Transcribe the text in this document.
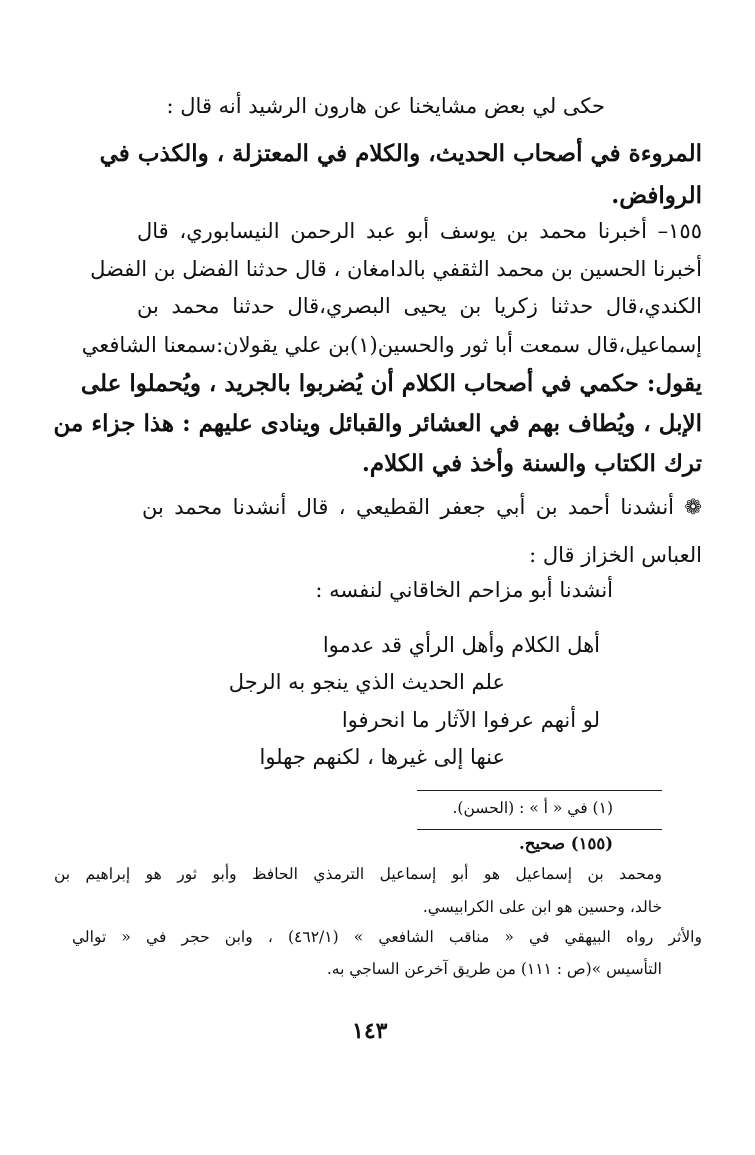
حكى لي بعض مشايخنا عن هارون الرشيد أنه قال :
المروءة في أصحاب الحديث، والكلام في المعتزلة ، والكذب في
الروافض.
١٥٥– أخبرنا محمد بن يوسف أبو عبد الرحمن النيسابوري، قال
أخبرنا الحسين بن محمد الثقفي بالدامغان ، قال حدثنا الفضل بن الفضل
الكندي،قال حدثنا زكريا بن يحيى البصري،قال حدثنا محمد بن
إسماعيل،قال سمعت أبا ثور والحسين(١)بن علي يقولان:سمعنا الشافعي
يقول: حكمي في أصحاب الكلام أن يُضربوا بالجريد ، ويُحملوا على
الإبل ، ويُطاف بهم في العشائر والقبائل وينادى عليهم : هذا جزاء من
ترك الكتاب والسنة وأخذ في الكلام.
❁ أنشدنا أحمد بن أبي جعفر القطيعي ، قال أنشدنا محمد بن
العباس الخزاز قال :
أنشدنا أبو مزاحم الخاقاني لنفسه :
أهل الكلام وأهل الرأي قد عدموا
علم الحديث الذي ينجو به الرجل
لو أنهم عرفوا الآثار ما انحرفوا
عنها إلى غيرها ، لكنهم جهلوا
(١) في « أ » : (الحسن).
(١٥٥) صحيح.
ومحمد بن إسماعيل هو أبو إسماعيل الترمذي الحافظ وأبو ثور هو إبراهيم بن
خالد، وحسين هو ابن على الكرابيسي.
والأثر رواه البيهقي في « مناقب الشافعي » (٤٦٢/١) ، وابن حجر في « توالي
التأسيس »(ص : ١١١) من طريق آخرعن الساجي به.
١٤٣
